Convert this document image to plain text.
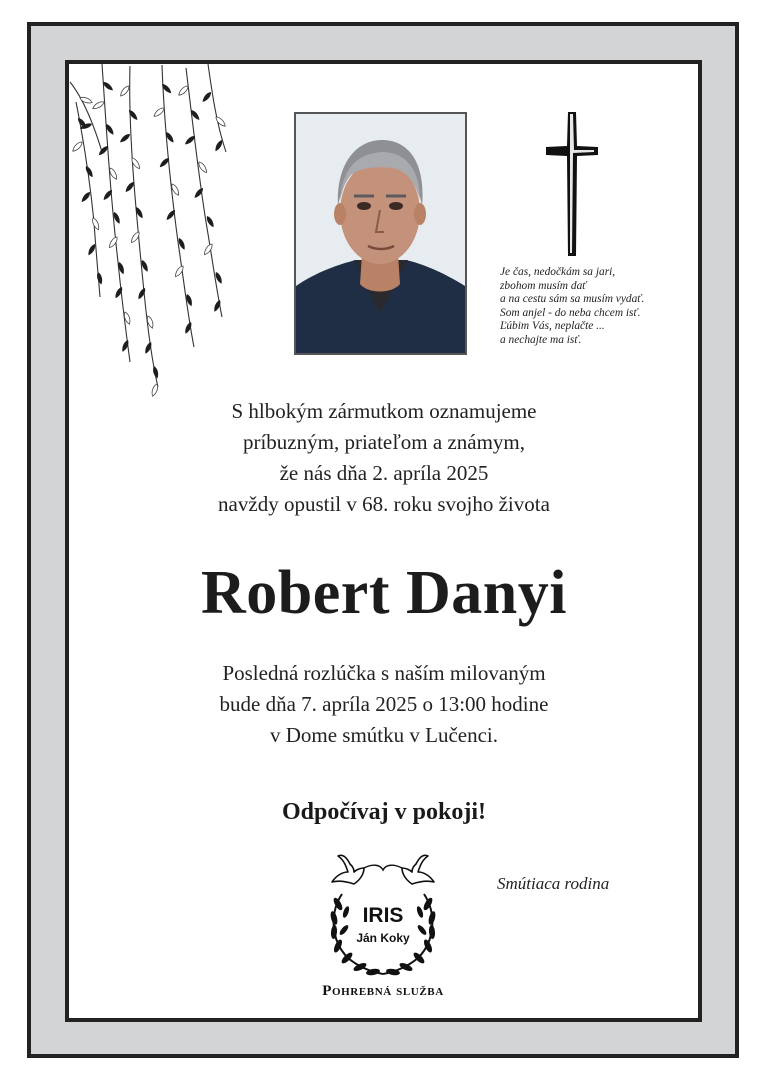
Je čas, nedočkám sa jari,
zbohom musím dať
a na cestu sám sa musím vydať.
Som anjel - do neba chcem isť.
Ľúbim Vás, neplačte ...
a nechajte ma isť.
S hlbokým zármutkom oznamujeme
príbuzným, priateľom a známym,
že nás dňa 2. apríla 2025
navždy opustil v 68. roku svojho života
Robert Danyi
Posledná rozlúčka s naším milovaným
bude dňa 7. apríla 2025 o 13:00 hodine
v Dome smútku v Lučenci.
Odpočívaj v pokoji!
Smútiaca rodina
IRIS
Ján Koky
Pohrebná služba
